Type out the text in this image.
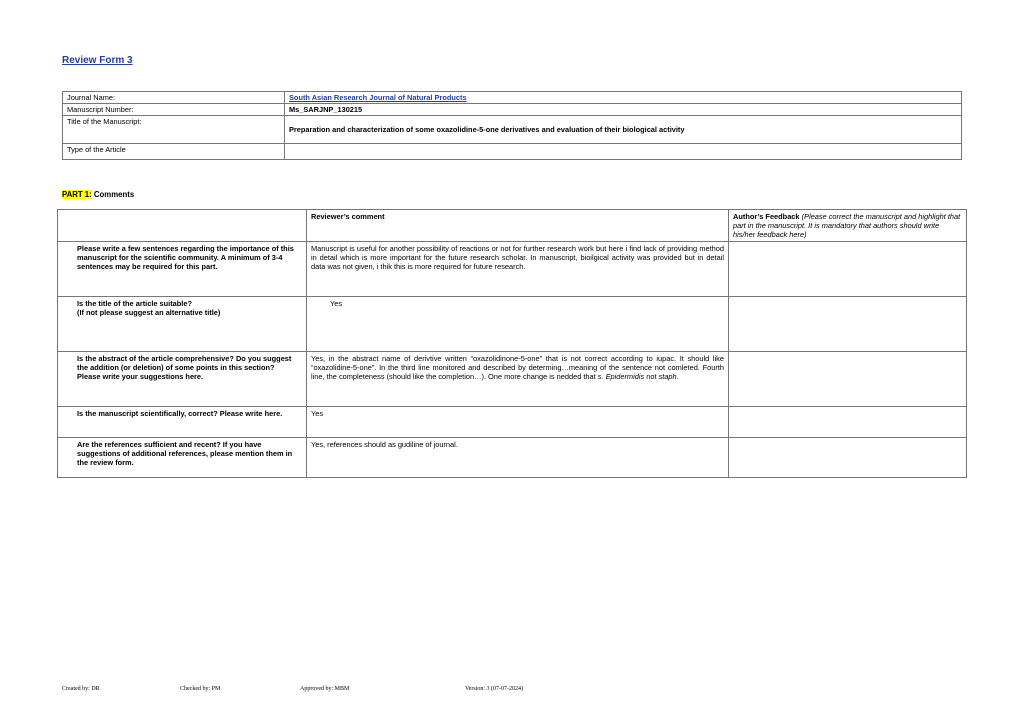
Review Form 3
Journal Name:	South Asian Research Journal of Natural Products
Manuscript Number:	Ms_SARJNP_130215
Title of the Manuscript:	Preparation and characterization of some oxazolidine-5-one derivatives and evaluation of their biological activity
Type of the Article	
PART 1: Comments
	Reviewer’s comment	Author’s Feedback (Please correct the manuscript and highlight that part in the manuscript. It is mandatory that authors should write his/her feedback here)
Please write a few sentences regarding the importance of this manuscript for the scientific community. A minimum of 3-4 sentences may be required for this part.	Manuscript is useful for another possibility of reactions or not for further research work but here i find lack of providing method in detail which is more important for the future research scholar. In manuscript, bioilgical activity was provided but in detail data was not given, i thik this is more required for future research.	
Is the title of the article suitable?
(If not please suggest an alternative title)	Yes	
Is the abstract of the article comprehensive? Do you suggest the addition (or deletion) of some points in this section? Please write your suggestions here.	Yes, in the abstract name of derivtive written “oxazolidinone-5-one” that is not correct according to iupac. It should like “oxazolidine-5-one”. In the third line monitored and described by determing…meaning of the sentence not comleted. Fourth line, the completeness (should like the completion…). One more change is nedded that s. Epidermidis not staph.	
Is the manuscript scientifically, correct? Please write here.	Yes	
Are the references sufficient and recent? If you have suggestions of additional references, please mention them in the review form.	Yes, references should as gudiline of journal.	
Created by: DR	Checked by: PM	Approved by: MBM	Version: 3 (07-07-2024)
